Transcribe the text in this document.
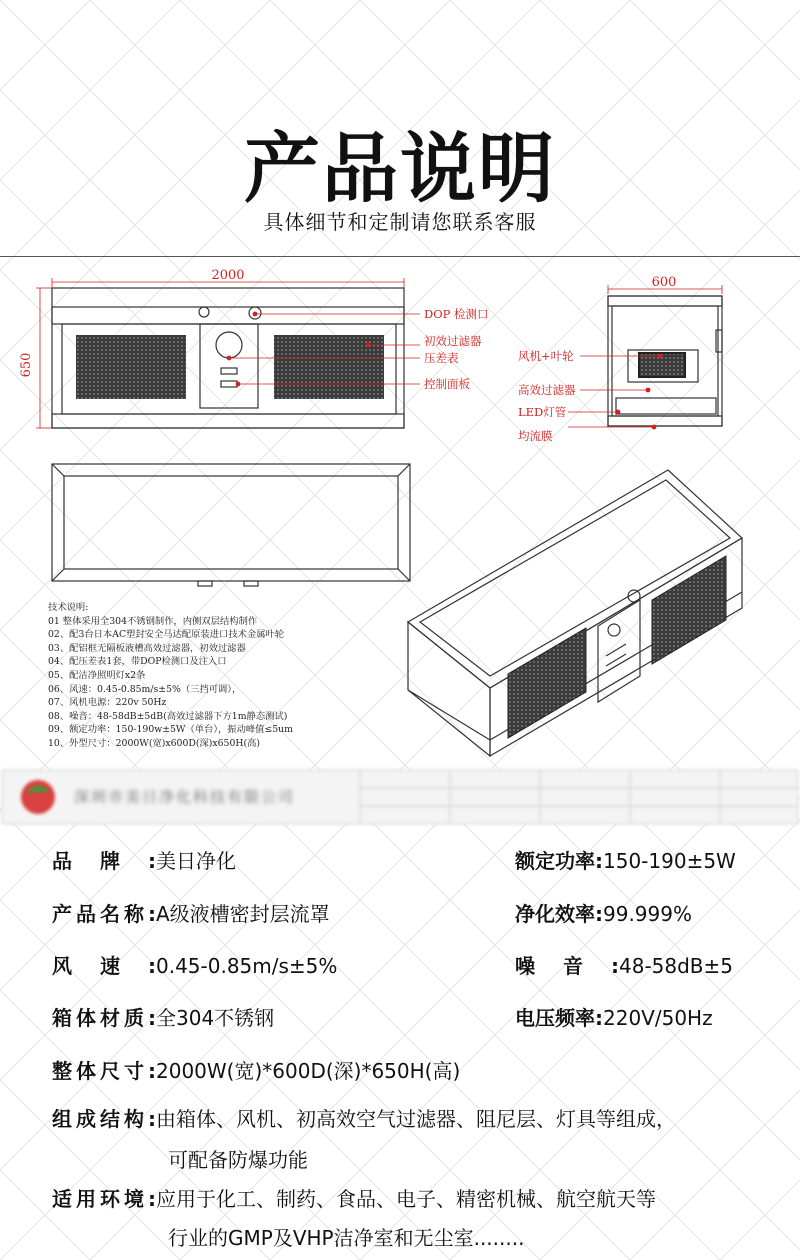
产品说明
具体细节和定制请您联系客服
2000
650
600
DOP 检测口
初效过滤器
压差表
控制面板
风机+叶轮
高效过滤器
LED灯管
均流膜
技术说明:
01 整体采用全304不锈钢制作，内侧双层结构制作
02、配3台日本AC塑封安全马达配原装进口技术金属叶轮
03、配铝框无隔板液槽高效过滤器，初效过滤器
04、配压差表1套，带DOP检测口及注入口
05、配洁净照明灯x2条
06、风速：0.45-0.85m/s±5%（三挡可调），
07、风机电源：220v 50Hz
08、噪音：48-58dB±5dB(高效过滤器下方1m静态测试)
09、额定功率：150-190w±5W（单台），振动峰值≤5um
10、外型尺寸：2000W(宽)x600D(深)x650H(高)
深圳市美日净化科技有限公司
品牌:美日净化	额定功率:150-190±5W
产品名称:A级液槽密封层流罩	净化效率:99.999%
风速:0.45-0.85m/s±5%	噪音:48-58dB±5
箱体材质:全304不锈钢	电压频率:220V/50Hz
整体尺寸:2000W(宽)*600D(深)*650H(高)
组成结构:由箱体、风机、初高效空气过滤器、阻尼层、灯具等组成，
可配备防爆功能
适用环境:应用于化工、制药、食品、电子、精密机械、航空航天等
行业的GMP及VHP洁净室和无尘室........
